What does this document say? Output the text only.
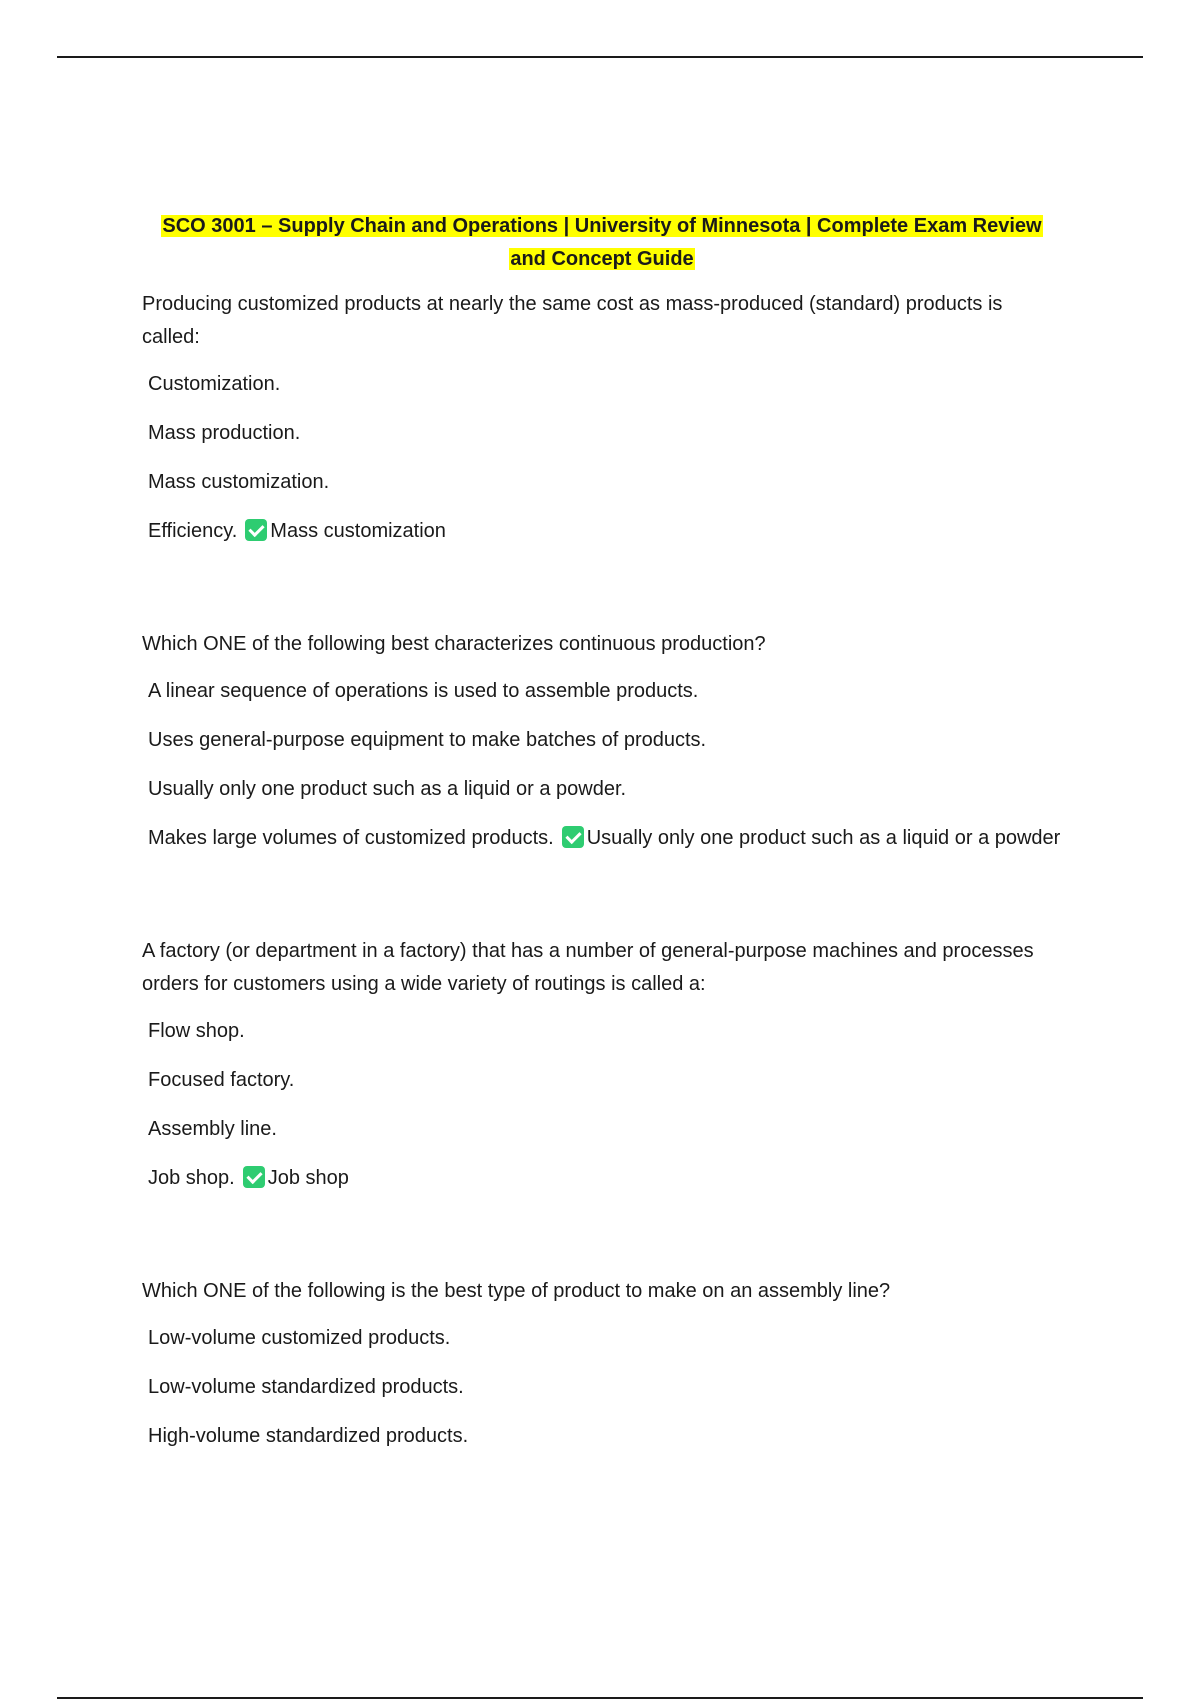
SCO 3001 – Supply Chain and Operations | University of Minnesota | Complete Exam Review
and Concept Guide

Producing customized products at nearly the same cost as mass-produced (standard) products is called:

Customization.

Mass production.

Mass customization.

Efficiency. Mass customization

Which ONE of the following best characterizes continuous production?

A linear sequence of operations is used to assemble products.

Uses general-purpose equipment to make batches of products.

Usually only one product such as a liquid or a powder.

Makes large volumes of customized products. Usually only one product such as a liquid or a powder

A factory (or department in a factory) that has a number of general-purpose machines and processes orders for customers using a wide variety of routings is called a:

Flow shop.

Focused factory.

Assembly line.

Job shop. Job shop

Which ONE of the following is the best type of product to make on an assembly line?

Low-volume customized products.

Low-volume standardized products.

High-volume standardized products.
